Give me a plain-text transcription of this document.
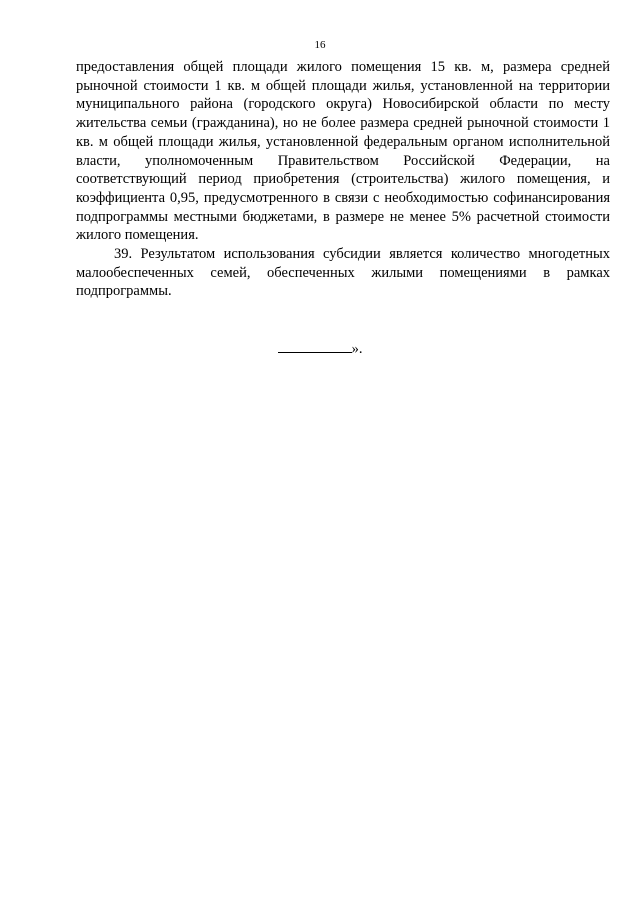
16

предоставления общей площади жилого помещения 15 кв. м, размера средней рыночной стоимости 1 кв. м общей площади жилья, установленной на территории муниципального района (городского округа) Новосибирской области по месту жительства семьи (гражданина), но не более размера средней рыночной стоимости 1 кв. м общей площади жилья, установленной федеральным органом исполнительной власти, уполномоченным Правительством Российской Федерации, на соответствующий период приобретения (строительства) жилого помещения, и коэффициента 0,95, предусмотренного в связи с необходимостью софинансирования подпрограммы местными бюджетами, в размере не менее 5% расчетной стоимости жилого помещения.

39. Результатом использования субсидии является количество многодетных малообеспеченных семей, обеспеченных жилыми помещениями в рамках подпрограммы.

».
